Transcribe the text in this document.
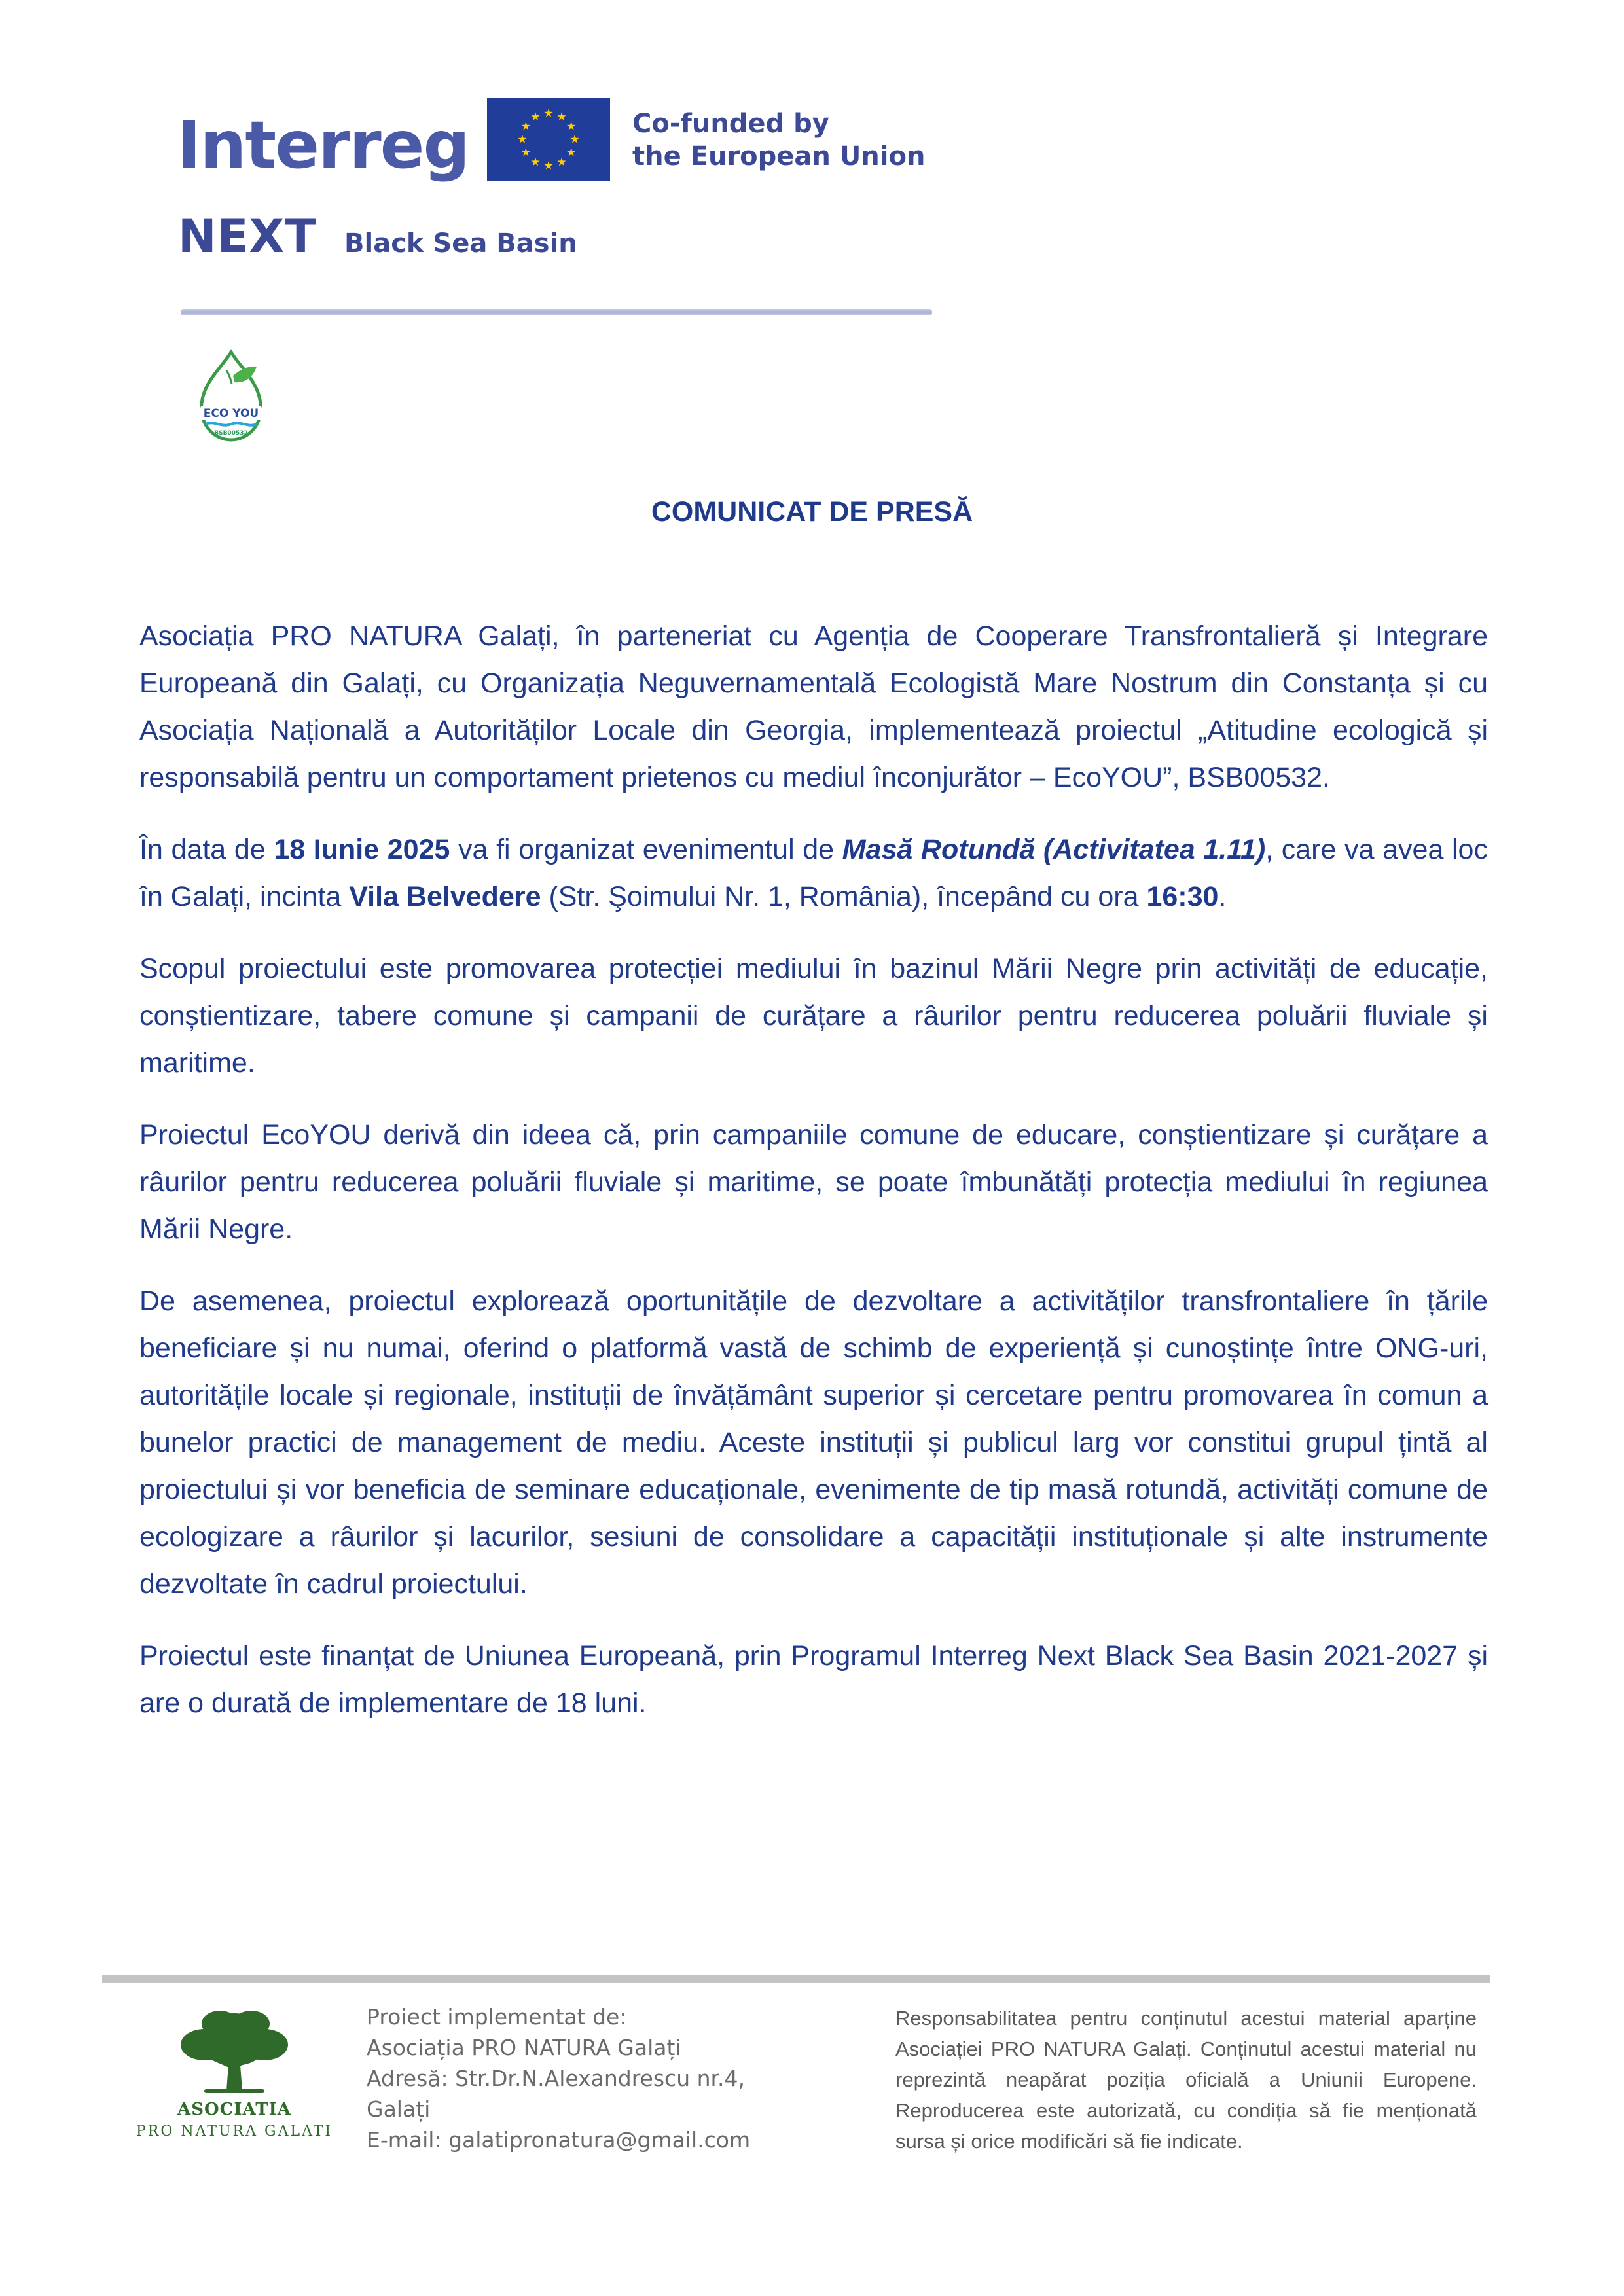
Interreg	Co-funded by
the European Union
NEXT Black Sea Basin
ECO YOU
BSB00532
COMUNICAT DE PRESĂ

Asociația PRO NATURA Galați, în parteneriat cu Agenția de Cooperare Transfrontalieră și Integrare Europeană din Galați, cu Organizația Neguvernamentală Ecologistă Mare Nostrum din Constanța și cu Asociația Națională a Autorităților Locale din Georgia, implementează proiectul „Atitudine ecologică și responsabilă pentru un comportament prietenos cu mediul înconjurător – EcoYOU”, BSB00532.

În data de 18 Iunie 2025 va fi organizat evenimentul de Masă Rotundă (Activitatea 1.11), care va avea loc în Galați, incinta Vila Belvedere (Str. Şoimului Nr. 1, România), începând cu ora 16:30.

Scopul proiectului este promovarea protecției mediului în bazinul Mării Negre prin activități de educație, conștientizare, tabere comune și campanii de curățare a râurilor pentru reducerea poluării fluviale și maritime.

Proiectul EcoYOU derivă din ideea că, prin campaniile comune de educare, conștientizare și curățare a râurilor pentru reducerea poluării fluviale și maritime, se poate îmbunătăți protecția mediului în regiunea Mării Negre.

De asemenea, proiectul explorează oportunitățile de dezvoltare a activităților transfrontaliere în țările beneficiare și nu numai, oferind o platformă vastă de schimb de experiență și cunoștințe între ONG-uri, autoritățile locale și regionale, instituții de învățământ superior și cercetare pentru promovarea în comun a bunelor practici de management de mediu. Aceste instituții și publicul larg vor constitui grupul țintă al proiectului și vor beneficia de seminare educaționale, evenimente de tip masă rotundă, activități comune de ecologizare a râurilor și lacurilor, sesiuni de consolidare a capacității instituționale și alte instrumente dezvoltate în cadrul proiectului.

Proiectul este finanțat de Uniunea Europeană, prin Programul Interreg Next Black Sea Basin 2021-2027 și are o durată de implementare de 18 luni.

ASOCIATIA
PRO NATURA GALATI
Proiect implementat de:
Asociația PRO NATURA Galați
Adresă: Str.Dr.N.Alexandrescu nr.4,
Galați
E-mail: galatipronatura@gmail.com
Responsabilitatea pentru conținutul acestui material aparține Asociației PRO NATURA Galați. Conținutul acestui material nu reprezintă neapărat poziția oficială a Uniunii Europene. Reproducerea este autorizată, cu condiția să fie menționată sursa și orice modificări să fie indicate.
